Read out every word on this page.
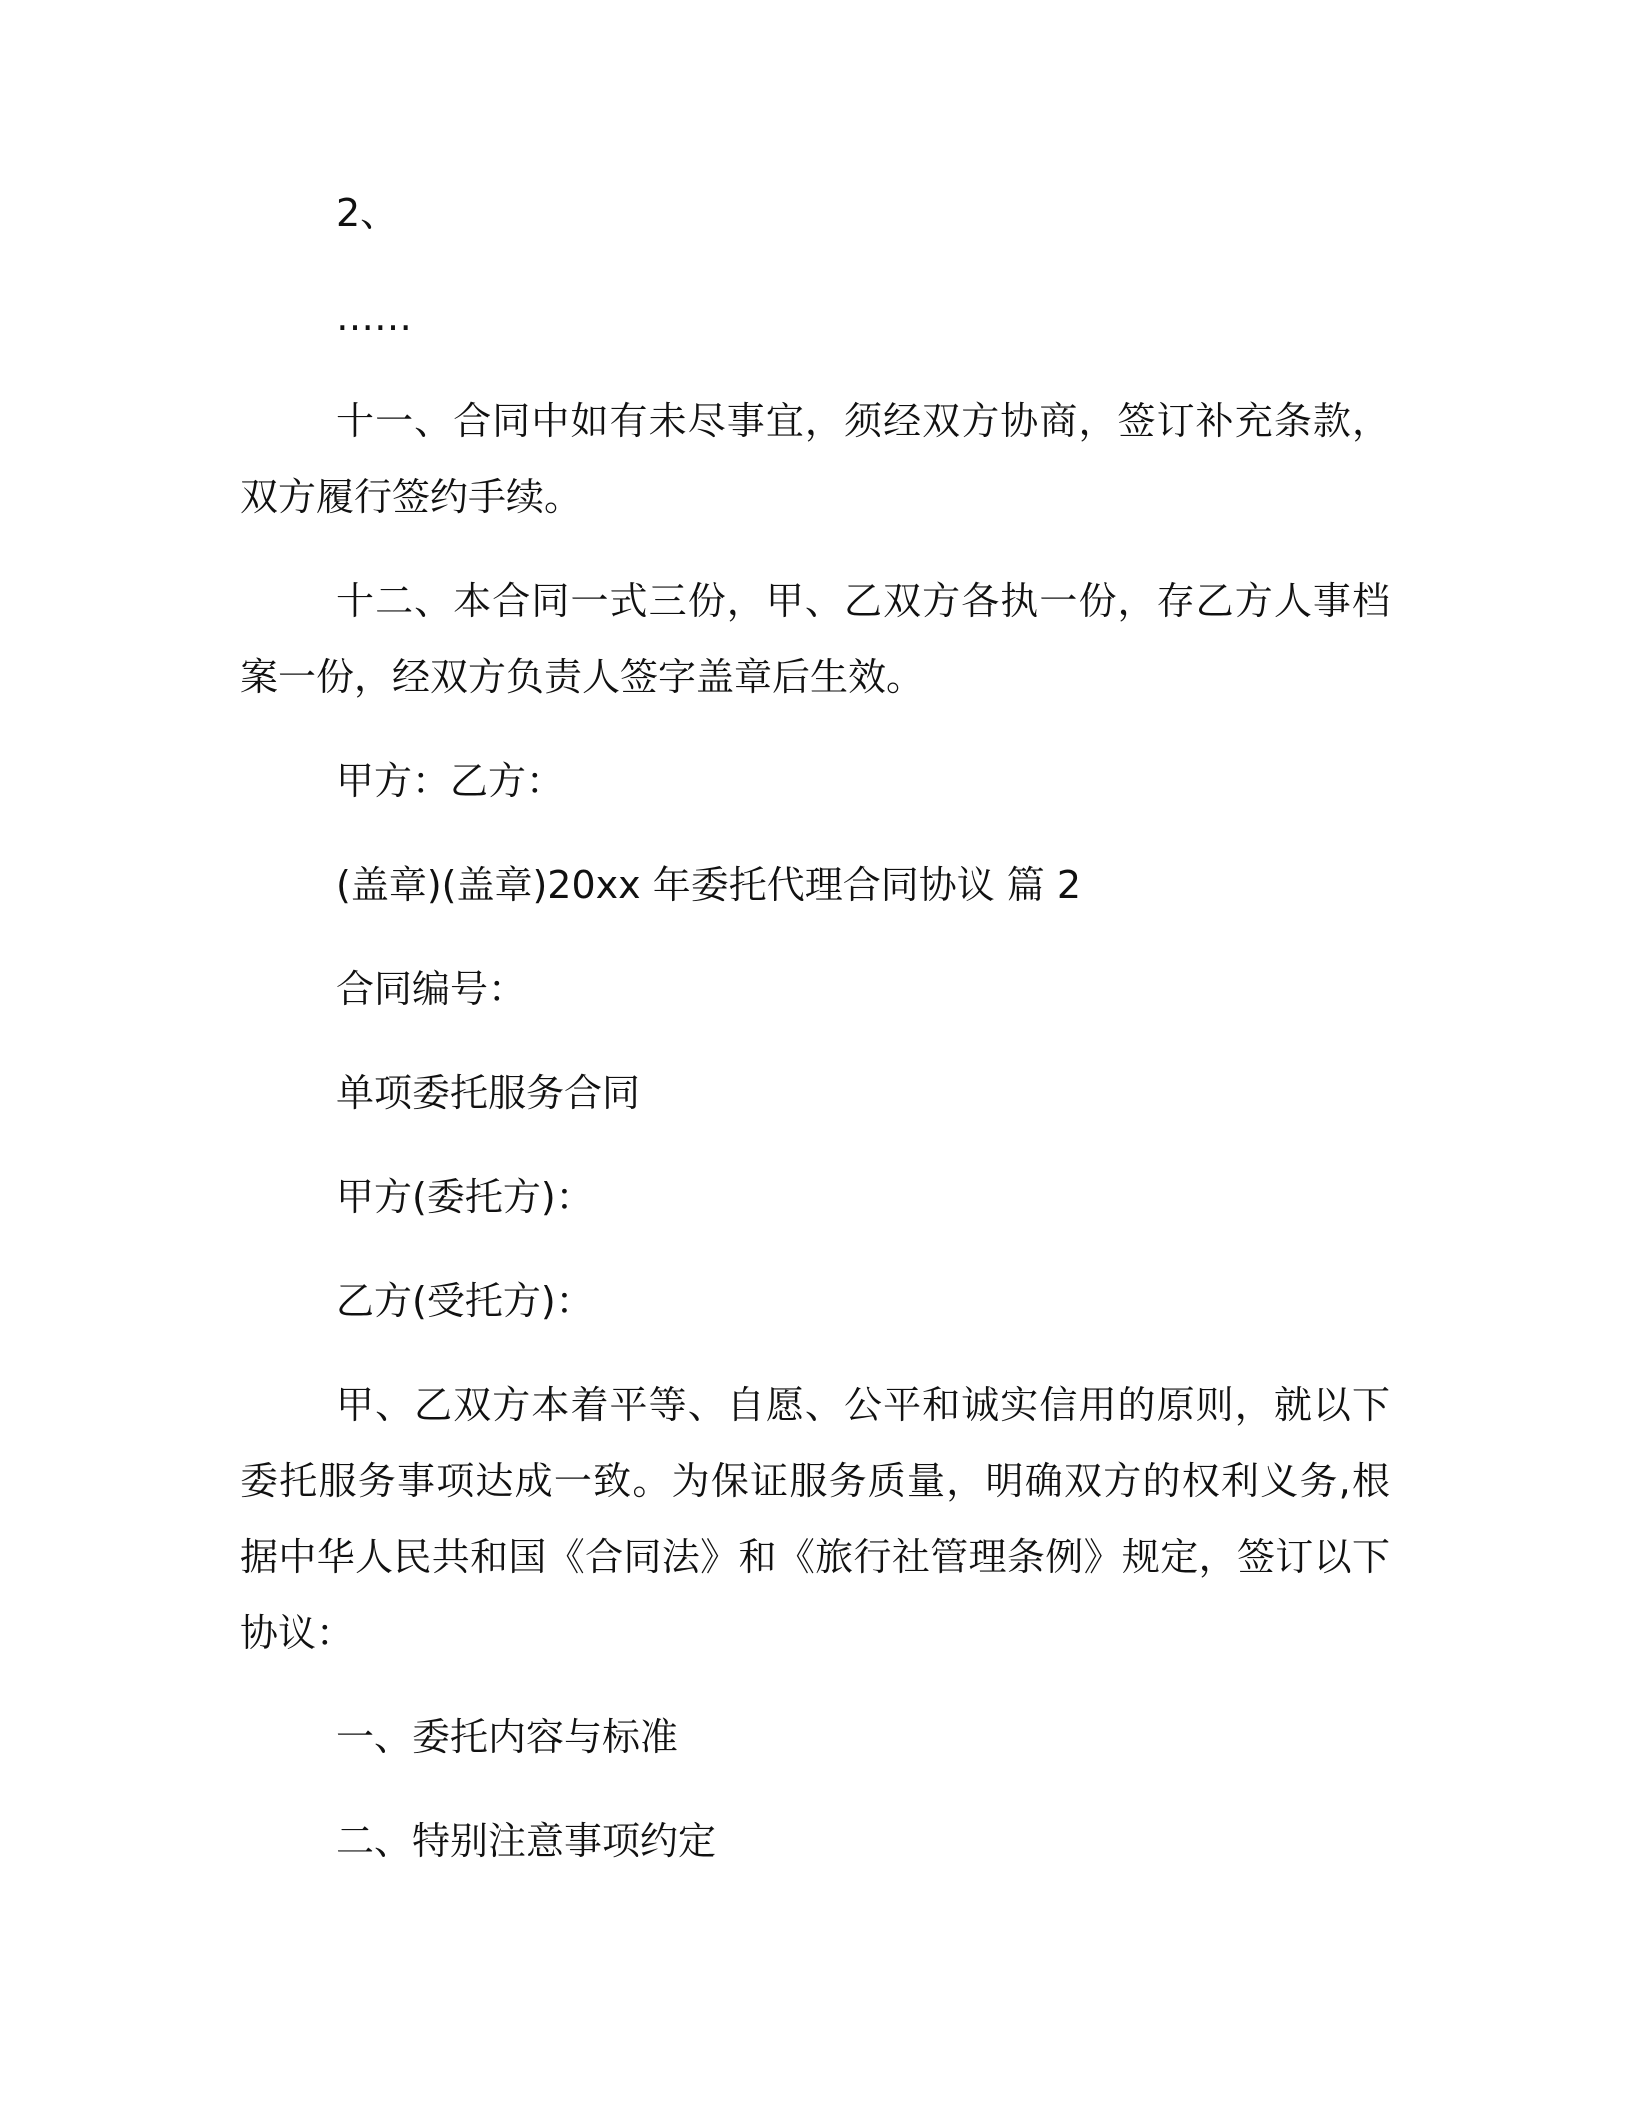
2、

……

十一、合同中如有未尽事宜，须经双方协商，签订补充条款，双方履行签约手续。

十二、本合同一式三份，甲、乙双方各执一份，存乙方人事档案一份，经双方负责人签字盖章后生效。

甲方：乙方：

(盖章)(盖章)20xx 年委托代理合同协议 篇 2

合同编号：

单项委托服务合同

甲方(委托方)：

乙方(受托方)：

甲、乙双方本着平等、自愿、公平和诚实信用的原则，就以下委托服务事项达成一致。为保证服务质量，明确双方的权利义务,根据中华人民共和国《合同法》和《旅行社管理条例》规定，签订以下协议：

一、委托内容与标准

二、特别注意事项约定
